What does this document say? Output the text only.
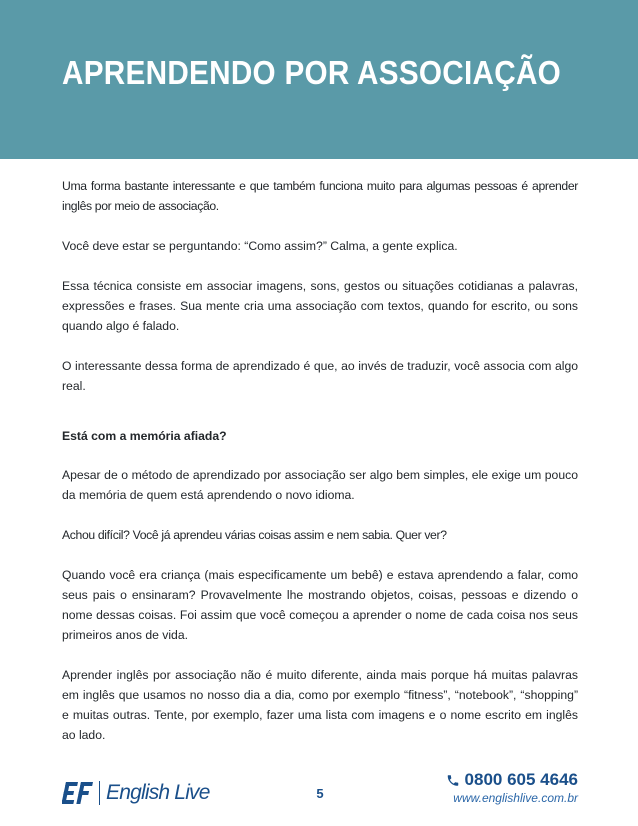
APRENDENDO POR ASSOCIAÇÃO

Uma forma bastante interessante e que também funciona muito para algumas pessoas é aprender inglês por meio de associação.

Você deve estar se perguntando: “Como assim?” Calma, a gente explica.

Essa técnica consiste em associar imagens, sons, gestos ou situações cotidianas a palavras, expressões e frases. Sua mente cria uma associação com textos, quando for escrito, ou sons quando algo é falado.

O interessante dessa forma de aprendizado é que, ao invés de traduzir, você associa com algo real.

Está com a memória afiada?

Apesar de o método de aprendizado por associação ser algo bem simples, ele exige um pouco da memória de quem está aprendendo o novo idioma.

Achou difícil? Você já aprendeu várias coisas assim e nem sabia. Quer ver?

Quando você era criança (mais especificamente um bebê) e estava aprendendo a falar, como seus pais o ensinaram? Provavelmente lhe mostrando objetos, coisas, pessoas e dizendo o nome dessas coisas. Foi assim que você começou a aprender o nome de cada coisa nos seus primeiros anos de vida.

Aprender inglês por associação não é muito diferente, ainda mais porque há muitas palavras em inglês que usamos no nosso dia a dia, como por exemplo “fitness”, “notebook”, “shopping” e muitas outras. Tente, por exemplo, fazer uma lista com imagens e o nome escrito em inglês ao lado.

English Live	5
0800 605 4646
www.englishlive.com.br
